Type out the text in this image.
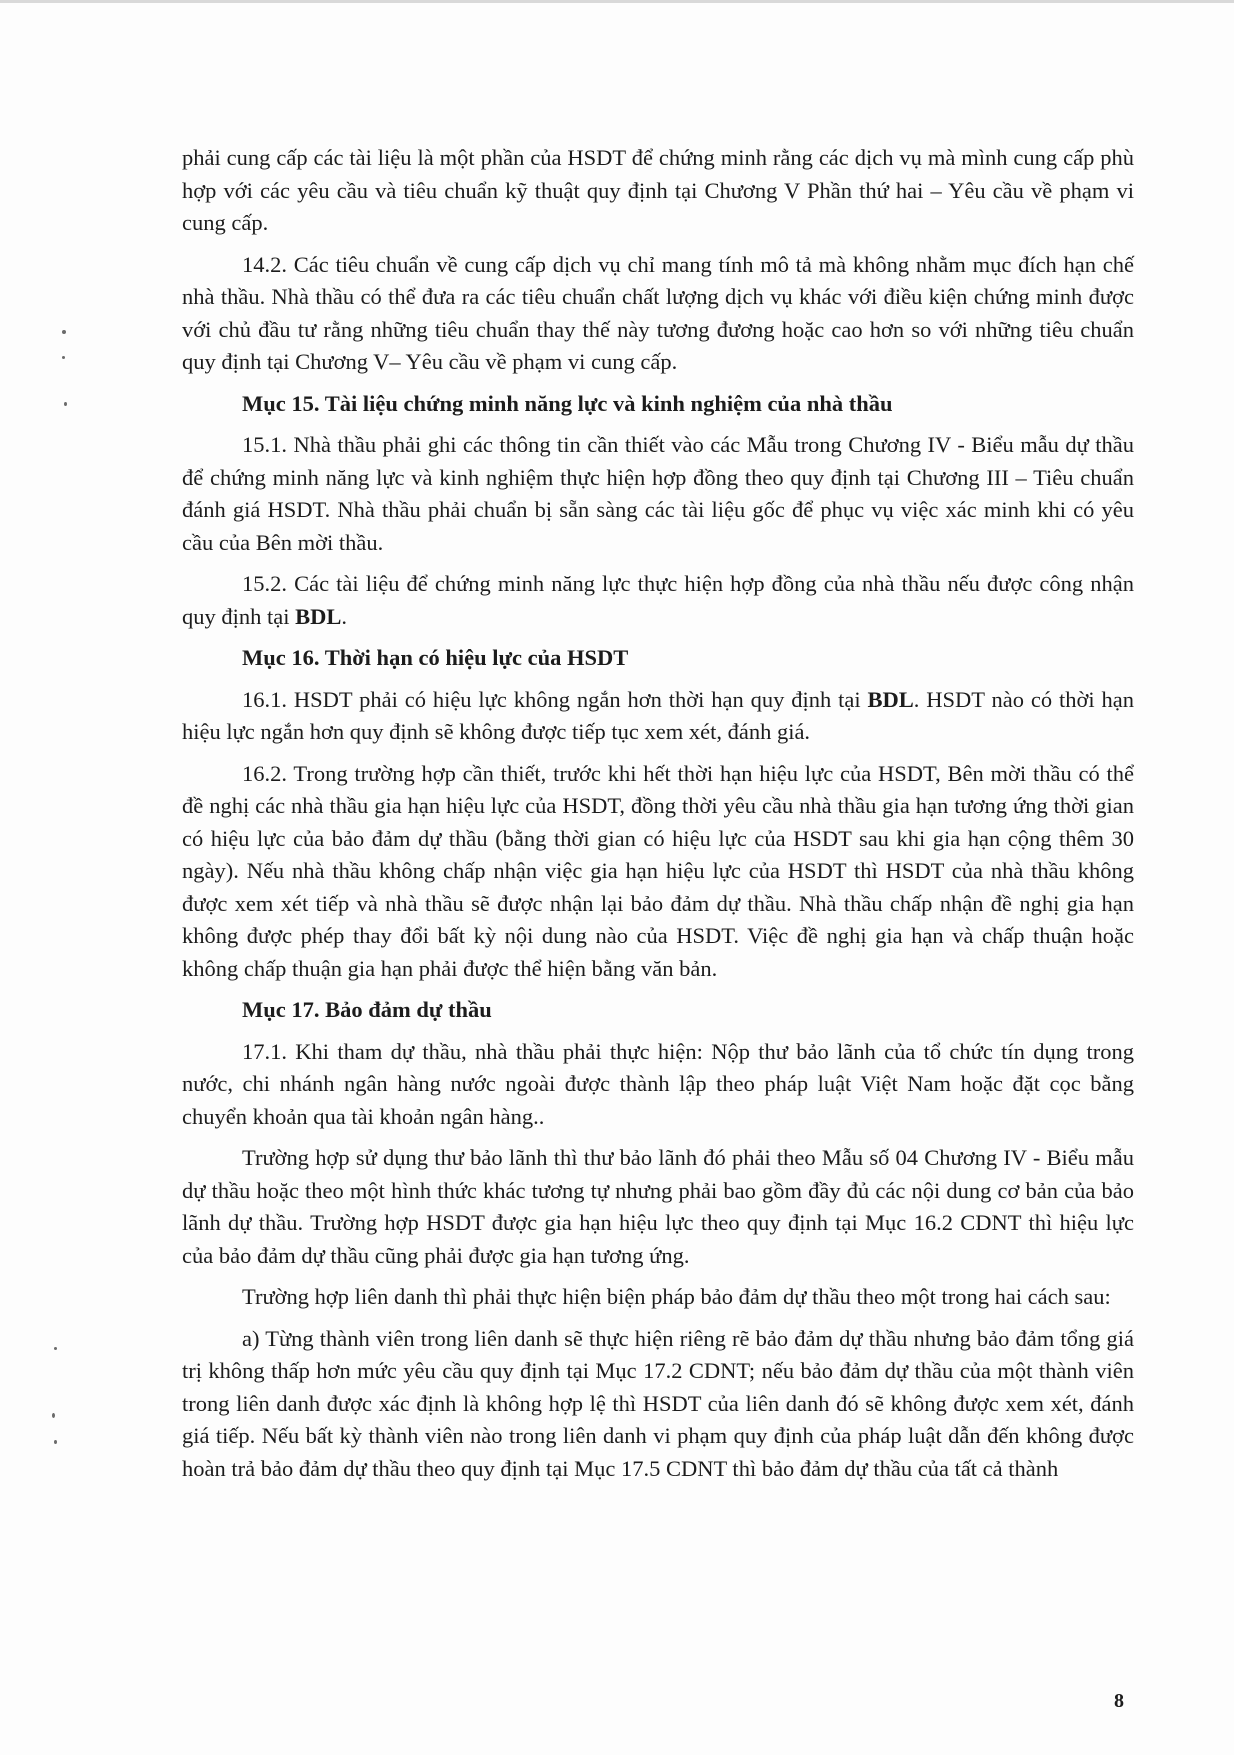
phải cung cấp các tài liệu là một phần của HSDT để chứng minh rằng các dịch vụ mà mình cung cấp phù hợp với các yêu cầu và tiêu chuẩn kỹ thuật quy định tại Chương V Phần thứ hai – Yêu cầu về phạm vi cung cấp.

14.2. Các tiêu chuẩn về cung cấp dịch vụ chỉ mang tính mô tả mà không nhằm mục đích hạn chế nhà thầu. Nhà thầu có thể đưa ra các tiêu chuẩn chất lượng dịch vụ khác với điều kiện chứng minh được với chủ đầu tư rằng những tiêu chuẩn thay thế này tương đương hoặc cao hơn so với những tiêu chuẩn quy định tại Chương V– Yêu cầu về phạm vi cung cấp.

Mục 15. Tài liệu chứng minh năng lực và kinh nghiệm của nhà thầu

15.1. Nhà thầu phải ghi các thông tin cần thiết vào các Mẫu trong Chương IV - Biểu mẫu dự thầu để chứng minh năng lực và kinh nghiệm thực hiện hợp đồng theo quy định tại Chương III – Tiêu chuẩn đánh giá HSDT. Nhà thầu phải chuẩn bị sẵn sàng các tài liệu gốc để phục vụ việc xác minh khi có yêu cầu của Bên mời thầu.

15.2. Các tài liệu để chứng minh năng lực thực hiện hợp đồng của nhà thầu nếu được công nhận quy định tại BDL.

Mục 16. Thời hạn có hiệu lực của HSDT

16.1. HSDT phải có hiệu lực không ngắn hơn thời hạn quy định tại BDL. HSDT nào có thời hạn hiệu lực ngắn hơn quy định sẽ không được tiếp tục xem xét, đánh giá.

16.2. Trong trường hợp cần thiết, trước khi hết thời hạn hiệu lực của HSDT, Bên mời thầu có thể đề nghị các nhà thầu gia hạn hiệu lực của HSDT, đồng thời yêu cầu nhà thầu gia hạn tương ứng thời gian có hiệu lực của bảo đảm dự thầu (bằng thời gian có hiệu lực của HSDT sau khi gia hạn cộng thêm 30 ngày). Nếu nhà thầu không chấp nhận việc gia hạn hiệu lực của HSDT thì HSDT của nhà thầu không được xem xét tiếp và nhà thầu sẽ được nhận lại bảo đảm dự thầu. Nhà thầu chấp nhận đề nghị gia hạn không được phép thay đổi bất kỳ nội dung nào của HSDT. Việc đề nghị gia hạn và chấp thuận hoặc không chấp thuận gia hạn phải được thể hiện bằng văn bản.

Mục 17. Bảo đảm dự thầu

17.1. Khi tham dự thầu, nhà thầu phải thực hiện: Nộp thư bảo lãnh của tổ chức tín dụng trong nước, chi nhánh ngân hàng nước ngoài được thành lập theo pháp luật Việt Nam hoặc đặt cọc bằng chuyển khoản qua tài khoản ngân hàng..

Trường hợp sử dụng thư bảo lãnh thì thư bảo lãnh đó phải theo Mẫu số 04 Chương IV - Biểu mẫu dự thầu hoặc theo một hình thức khác tương tự nhưng phải bao gồm đầy đủ các nội dung cơ bản của bảo lãnh dự thầu. Trường hợp HSDT được gia hạn hiệu lực theo quy định tại Mục 16.2 CDNT thì hiệu lực của bảo đảm dự thầu cũng phải được gia hạn tương ứng.

Trường hợp liên danh thì phải thực hiện biện pháp bảo đảm dự thầu theo một trong hai cách sau:

a) Từng thành viên trong liên danh sẽ thực hiện riêng rẽ bảo đảm dự thầu nhưng bảo đảm tổng giá trị không thấp hơn mức yêu cầu quy định tại Mục 17.2 CDNT; nếu bảo đảm dự thầu của một thành viên trong liên danh được xác định là không hợp lệ thì HSDT của liên danh đó sẽ không được xem xét, đánh giá tiếp. Nếu bất kỳ thành viên nào trong liên danh vi phạm quy định của pháp luật dẫn đến không được hoàn trả bảo đảm dự thầu theo quy định tại Mục 17.5 CDNT thì bảo đảm dự thầu của tất cả thành

8
